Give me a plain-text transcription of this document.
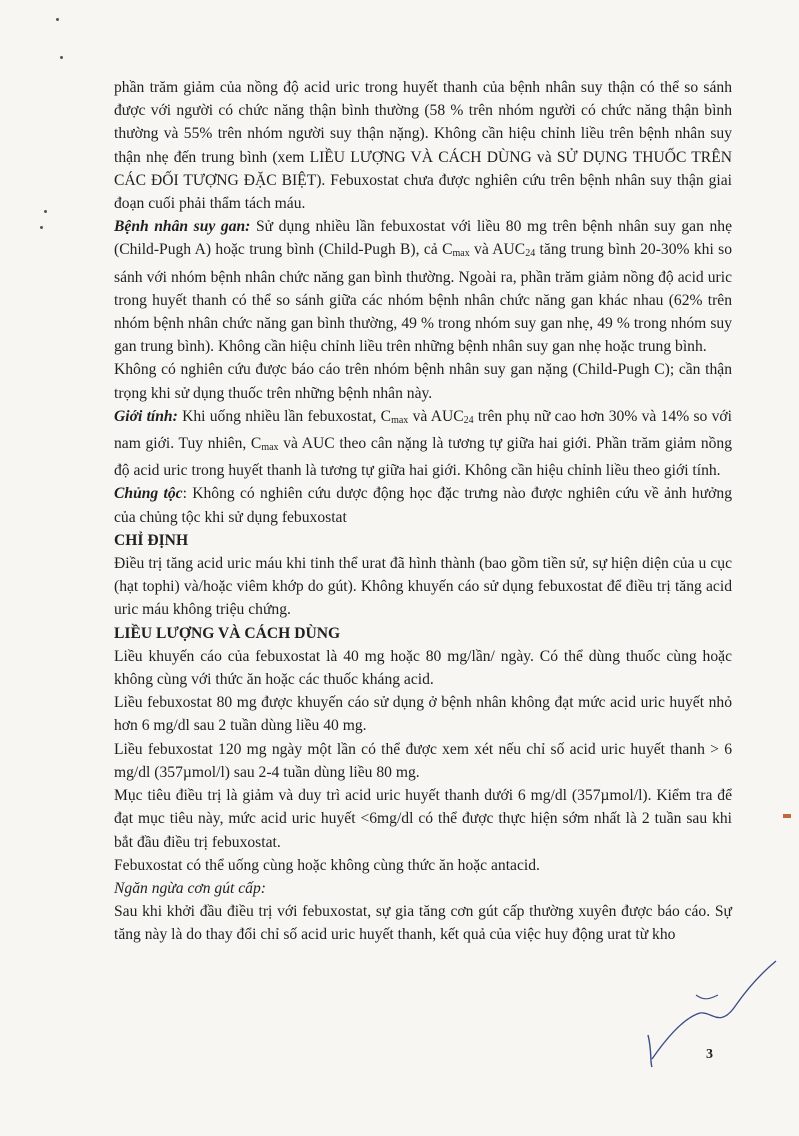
phần trăm giảm của nồng độ acid uric trong huyết thanh của bệnh nhân suy thận có thể so sánh được với người có chức năng thận bình thường (58 % trên nhóm người có chức năng thận bình thường và 55% trên nhóm người suy thận nặng). Không cần hiệu chỉnh liều trên bệnh nhân suy thận nhẹ đến trung bình (xem LIỀU LƯỢNG VÀ CÁCH DÙNG và SỬ DỤNG THUỐC TRÊN CÁC ĐỐI TƯỢNG ĐẶC BIỆT). Febuxostat chưa được nghiên cứu trên bệnh nhân suy thận giai đoạn cuối phải thẩm tách máu.

Bệnh nhân suy gan: Sử dụng nhiều lần febuxostat với liều 80 mg trên bệnh nhân suy gan nhẹ (Child-Pugh A) hoặc trung bình (Child-Pugh B), cả $C_{max}$ và $AUC_{24}$ tăng trung bình 20-30% khi so sánh với nhóm bệnh nhân chức năng gan bình thường. Ngoài ra, phần trăm giảm nồng độ acid uric trong huyết thanh có thể so sánh giữa các nhóm bệnh nhân chức năng gan khác nhau (62% trên nhóm bệnh nhân chức năng gan bình thường, 49 % trong nhóm suy gan nhẹ, 49 % trong nhóm suy gan trung bình). Không cần hiệu chỉnh liều trên những bệnh nhân suy gan nhẹ hoặc trung bình.

Không có nghiên cứu được báo cáo trên nhóm bệnh nhân suy gan nặng (Child-Pugh C); cần thận trọng khi sử dụng thuốc trên những bệnh nhân này.

Giới tính: Khi uống nhiều lần febuxostat, $C_{max}$ và $AUC_{24}$ trên phụ nữ cao hơn 30% và 14% so với nam giới. Tuy nhiên, $C_{max}$ và AUC theo cân nặng là tương tự giữa hai giới. Phần trăm giảm nồng độ acid uric trong huyết thanh là tương tự giữa hai giới. Không cần hiệu chỉnh liều theo giới tính.

Chủng tộc: Không có nghiên cứu dược động học đặc trưng nào được nghiên cứu về ảnh hưởng của chủng tộc khi sử dụng febuxostat

CHỈ ĐỊNH

Điều trị tăng acid uric máu khi tinh thể urat đã hình thành (bao gồm tiền sử, sự hiện diện của u cục (hạt tophi) và/hoặc viêm khớp do gút). Không khuyến cáo sử dụng febuxostat để điều trị tăng acid uric máu không triệu chứng.

LIỀU LƯỢNG VÀ CÁCH DÙNG

Liều khuyến cáo của febuxostat là 40 mg hoặc 80 mg/lần/ ngày. Có thể dùng thuốc cùng hoặc không cùng với thức ăn hoặc các thuốc kháng acid.

Liều febuxostat 80 mg được khuyến cáo sử dụng ở bệnh nhân không đạt mức acid uric huyết nhỏ hơn 6 mg/dl sau 2 tuần dùng liều 40 mg.

Liều febuxostat 120 mg ngày một lần có thể được xem xét nếu chỉ số acid uric huyết thanh > 6 mg/dl (357µmol/l) sau 2-4 tuần dùng liều 80 mg.

Mục tiêu điều trị là giảm và duy trì acid uric huyết thanh dưới 6 mg/dl (357µmol/l). Kiểm tra để đạt mục tiêu này, mức acid uric huyết <6mg/dl có thể được thực hiện sớm nhất là 2 tuần sau khi bắt đầu điều trị febuxostat.

Febuxostat có thể uống cùng hoặc không cùng thức ăn hoặc antacid.

Ngăn ngừa cơn gút cấp:

Sau khi khởi đầu điều trị với febuxostat, sự gia tăng cơn gút cấp thường xuyên được báo cáo. Sự tăng này là do thay đổi chỉ số acid uric huyết thanh, kết quả của việc huy động urat từ kho

3
